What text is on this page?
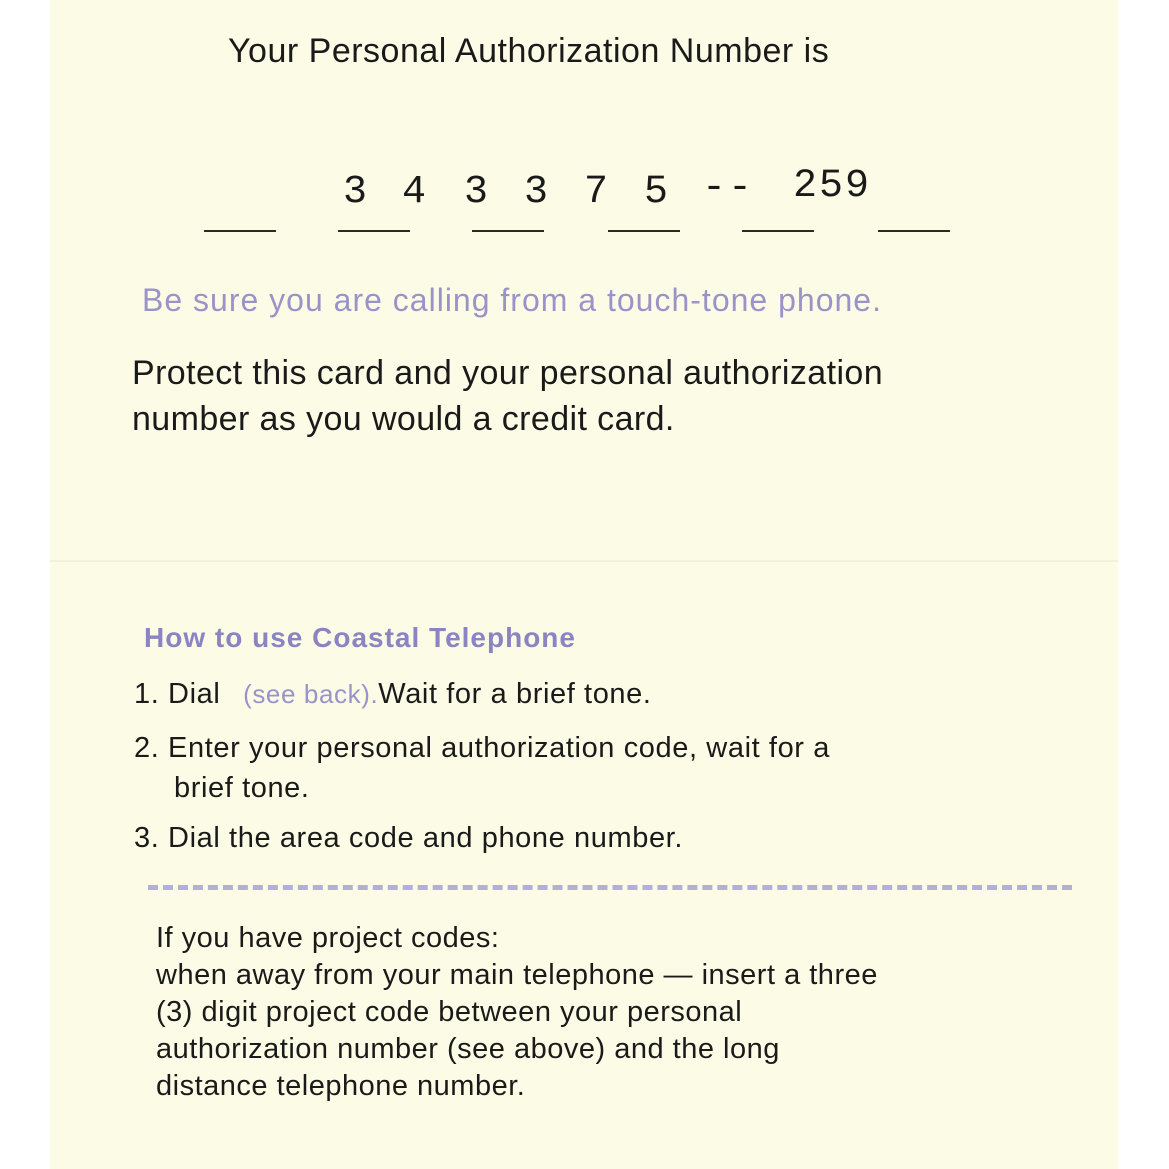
Your Personal Authorization Number is
3 4 3 3 7 5 -- 259
Be sure you are calling from a touch-tone phone.
Protect this card and your personal authorization
number as you would a credit card.
How to use Coastal Telephone
1. Dial (see back).Wait for a brief tone.
2. Enter your personal authorization code, wait for a
brief tone.
3. Dial the area code and phone number.
If you have project codes:
when away from your main telephone — insert a three
(3) digit project code between your personal
authorization number (see above) and the long
distance telephone number.
